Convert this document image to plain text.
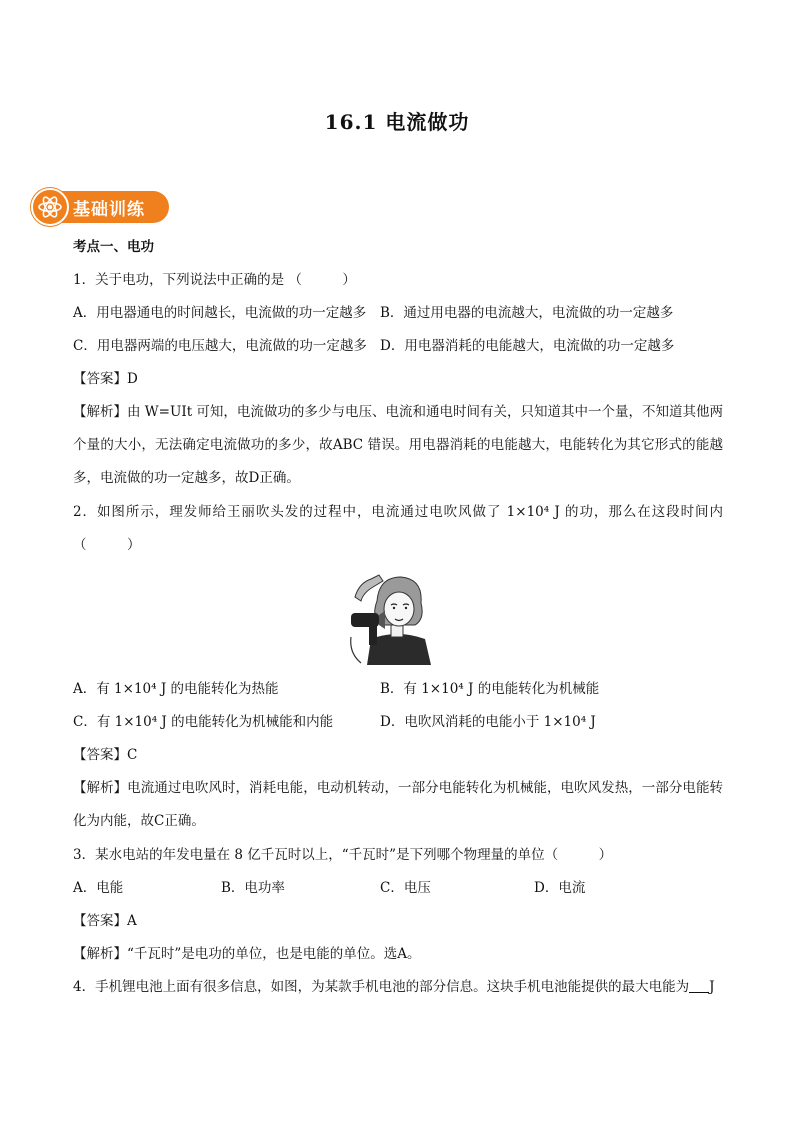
16.1 电流做功
基础训练
考点一、电功
1．关于电功，下列说法中正确的是 （　　　）
A．用电器通电的时间越长，电流做的功一定越多 B．通过用电器的电流越大，电流做的功一定越多
C．用电器两端的电压越大，电流做的功一定越多 D．用电器消耗的电能越大，电流做的功一定越多
【答案】D
【解析】由 W=UIt 可知，电流做功的多少与电压、电流和通电时间有关，只知道其中一个量，不知道其他两个量的大小，无法确定电流做功的多少，故ABC 错误。用电器消耗的电能越大，电能转化为其它形式的能越多，电流做的功一定越多，故D正确。
2．如图所示，理发师给王丽吹头发的过程中，电流通过电吹风做了 1×10⁴ J 的功，那么在这段时间内（　　　）
A．有 1×10⁴ J 的电能转化为热能	B．有 1×10⁴ J 的电能转化为机械能
C．有 1×10⁴ J 的电能转化为机械能和内能	D．电吹风消耗的电能小于 1×10⁴ J
【答案】C
【解析】电流通过电吹风时，消耗电能，电动机转动，一部分电能转化为机械能，电吹风发热，一部分电能转化为内能，故C正确。
3．某水电站的年发电量在 8 亿千瓦时以上，“千瓦时”是下列哪个物理量的单位（　　　）
A．电能	B．电功率	C．电压	D．电流
【答案】A
【解析】“千瓦时”是电功的单位，也是电能的单位。选A。
4．手机锂电池上面有很多信息，如图，为某款手机电池的部分信息。这块手机电池能提供的最大电能为 J
